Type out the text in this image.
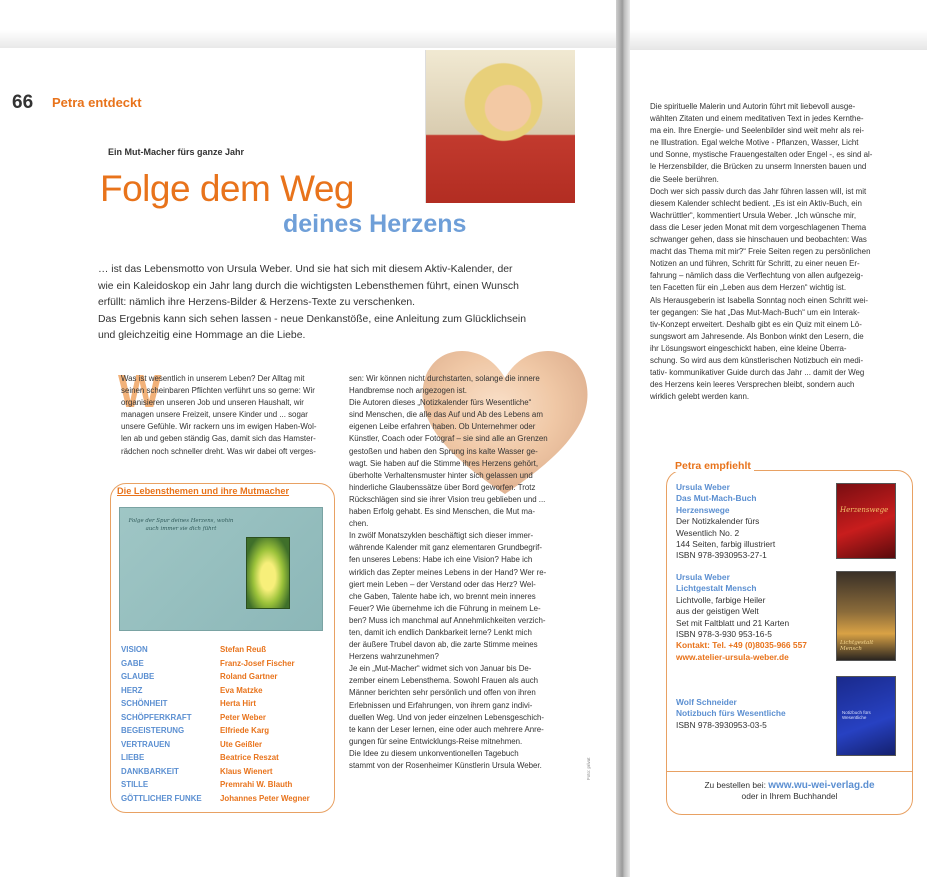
66 Petra entdeckt
Ein Mut-Macher fürs ganze Jahr
Folge dem Weg
deines Herzens
… ist das Lebensmotto von Ursula Weber. Und sie hat sich mit diesem Aktiv-Kalender, der
wie ein Kaleidoskop ein Jahr lang durch die wichtigsten Lebensthemen führt, einen Wunsch
erfüllt: nämlich ihre Herzens-Bilder & Herzens-Texte zu verschenken.
Das Ergebnis kann sich sehen lassen - neue Denkanstöße, eine Anleitung zum Glücklichsein
und gleichzeitig eine Hommage an die Liebe.
W
Was ist wesentlich in unserem Leben? Der Alltag mit
seinen scheinbaren Pflichten verführt uns so gerne: Wir
organisieren unseren Job und unseren Haushalt, wir
managen unsere Freizeit, unsere Kinder und ... sogar
unsere Gefühle. Wir rackern uns im ewigen Haben-Wol-
len ab und geben ständig Gas, damit sich das Hamster-
rädchen noch schneller dreht. Was wir dabei oft verges-
sen: Wir können nicht durchstarten, solange die innere
Handbremse noch angezogen ist.
Die Autoren dieses „Notizkalender fürs Wesentliche“
sind Menschen, die alle das Auf und Ab des Lebens am
eigenen Leibe erfahren haben. Ob Unternehmer oder
Künstler, Coach oder Fotograf – sie sind alle an Grenzen
gestoßen und haben den Sprung ins kalte Wasser ge-
wagt. Sie haben auf die Stimme ihres Herzens gehört,
überholte Verhaltensmuster hinter sich gelassen und
hinderliche Glaubenssätze über Bord geworfen. Trotz
Rückschlägen sind sie ihrer Vision treu geblieben und ...
haben Erfolg gehabt. Es sind Menschen, die Mut ma-
chen.
In zwölf Monatszyklen beschäftigt sich dieser immer-
währende Kalender mit ganz elementaren Grundbegrif-
fen unseres Lebens: Habe ich eine Vision? Habe ich
wirklich das Zepter meines Lebens in der Hand? Wer re-
giert mein Leben – der Verstand oder das Herz? Wel-
che Gaben, Talente habe ich, wo brennt mein inneres
Feuer? Wie übernehme ich die Führung in meinem Le-
ben? Muss ich manchmal auf Annehmlichkeiten verzich-
ten, damit ich endlich Dankbarkeit lerne? Lenkt mich
der äußere Trubel davon ab, die zarte Stimme meines
Herzens wahrzunehmen?
Je ein „Mut-Macher“ widmet sich von Januar bis De-
zember einem Lebensthema. Sowohl Frauen als auch
Männer berichten sehr persönlich und offen von ihren
Erlebnissen und Erfahrungen, von ihrem ganz indivi-
duellen Weg. Und von jeder einzelnen Lebensgeschich-
te kann der Leser lernen, eine oder auch mehrere Anre-
gungen für seine Entwicklungs-Reise mitnehmen.
Die Idee zu diesem unkonventionellen Tagebuch
stammt von der Rosenheimer Künstlerin Ursula Weber.
Die Lebensthemen und ihre Mutmacher
Folge der Spur deines Herzens, wohin auch immer sie dich führt
VISION	Stefan Reuß
GABE	Franz-Josef Fischer
GLAUBE	Roland Gartner
HERZ	Eva Matzke
SCHÖNHEIT	Herta Hirt
SCHÖPFERKRAFT	Peter Weber
BEGEISTERUNG	Elfriede Karg
VERTRAUEN	Ute Geißler
LIEBE	Beatrice Reszat
DANKBARKEIT	Klaus Wienert
STILLE	Premrahi W. Blauth
GÖTTLICHER FUNKE	Johannes Peter Wegner
Foto: privat
Die spirituelle Malerin und Autorin führt mit liebevoll ausge-
wählten Zitaten und einem meditativen Text in jedes Kernthe-
ma ein. Ihre Energie- und Seelenbilder sind weit mehr als rei-
ne Illustration. Egal welche Motive - Pflanzen, Wasser, Licht
und Sonne, mystische Frauengestalten oder Engel -, es sind al-
le Herzensbilder, die Brücken zu unserm Innersten bauen und
die Seele berühren.
Doch wer sich passiv durch das Jahr führen lassen will, ist mit
diesem Kalender schlecht bedient. „Es ist ein Aktiv-Buch, ein
Wachrüttler“, kommentiert Ursula Weber. „Ich wünsche mir,
dass die Leser jeden Monat mit dem vorgeschlagenen Thema
schwanger gehen, dass sie hinschauen und beobachten: Was
macht das Thema mit mir?“ Freie Seiten regen zu persönlichen
Notizen an und führen, Schritt für Schritt, zu einer neuen Er-
fahrung – nämlich dass die Verflechtung von allen aufgezeig-
ten Facetten für ein „Leben aus dem Herzen“ wichtig ist.
Als Herausgeberin ist Isabella Sonntag noch einen Schritt wei-
ter gegangen: Sie hat „Das Mut-Mach-Buch“ um ein Interak-
tiv-Konzept erweitert. Deshalb gibt es ein Quiz mit einem Lö-
sungswort am Jahresende. Als Bonbon winkt den Lesern, die
ihr Lösungswort eingeschickt haben, eine kleine Überra-
schung. So wird aus dem künstlerischen Notizbuch ein medi-
tativ- kommunikativer Guide durch das Jahr ... damit der Weg
des Herzens kein leeres Versprechen bleibt, sondern auch
wirklich gelebt werden kann.
Petra empfiehlt
Ursula Weber
Das Mut-Mach-Buch
Herzenswege
Der Notizkalender fürs
Wesentlich No. 2
144 Seiten, farbig illustriert
ISBN 978-3930953-27-1
Ursula Weber
Lichtgestalt Mensch
Lichtvolle, farbige Heiler
aus der geistigen Welt
Set mit Faltblatt und 21 Karten
ISBN 978-3-930 953-16-5
Kontakt: Tel. +49 (0)8035-966 557
www.atelier-ursula-weber.de
Wolf Schneider
Notizbuch fürs Wesentliche
ISBN 978-3930953-03-5
Herzenswege
Lichtgestalt Mensch
Notizbuch fürs Wesentliche
Zu bestellen bei: www.wu-wei-verlag.de
oder in Ihrem Buchhandel
